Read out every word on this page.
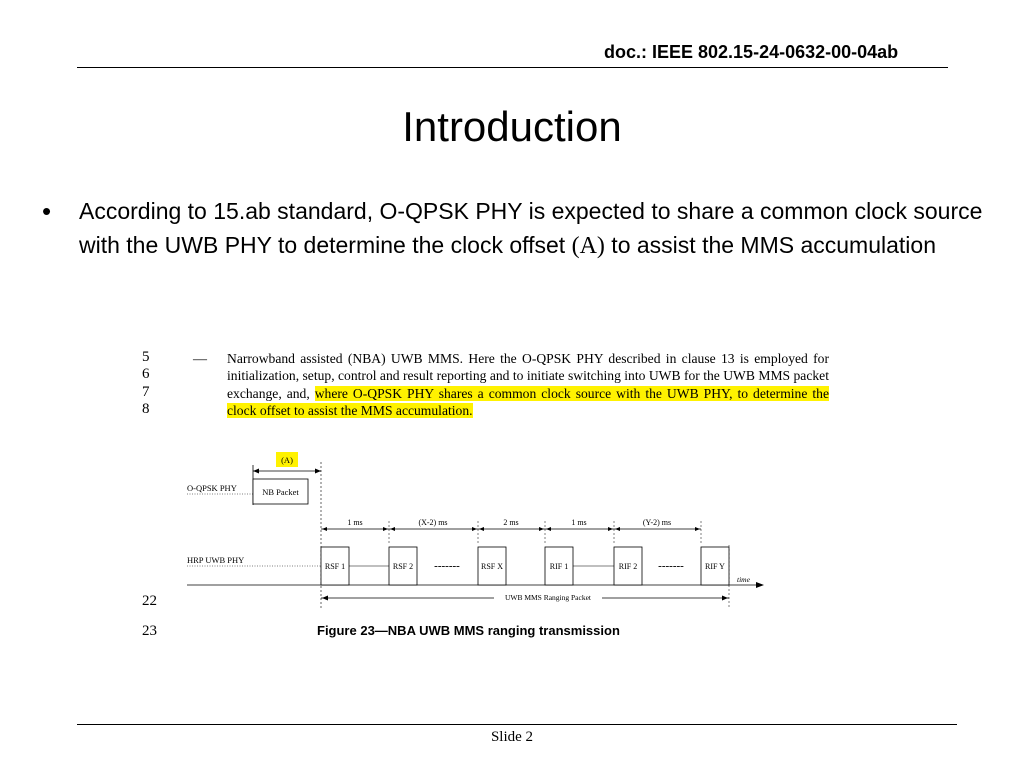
doc.: IEEE 802.15-24-0632-00-04ab
Introduction
• According to 15.ab standard, O-QPSK PHY is expected to share a common clock source with the UWB PHY to determine the clock offset (A) to assist the MMS accumulation
5
6
7
8
— Narrowband assisted (NBA) UWB MMS. Here the O-QPSK PHY described in clause 13 is employed for initialization, setup, control and result reporting and to initiate switching into UWB for the UWB MMS packet exchange, and, where O-QPSK PHY shares a common clock source with the UWB PHY, to determine the clock offset to assist the MMS accumulation.
(A)
O-QPSK PHY	NB Packet
1 ms	(X-2) ms	2 ms	1 ms	(Y-2) ms
HRP UWB PHY
time
RSF 1	RSF 2	RSF X	RIF 1	RIF 2	RIF Y
-------	-------
UWB MMS Ranging Packet
22
23	Figure 23—NBA UWB MMS ranging transmission
Slide 2
